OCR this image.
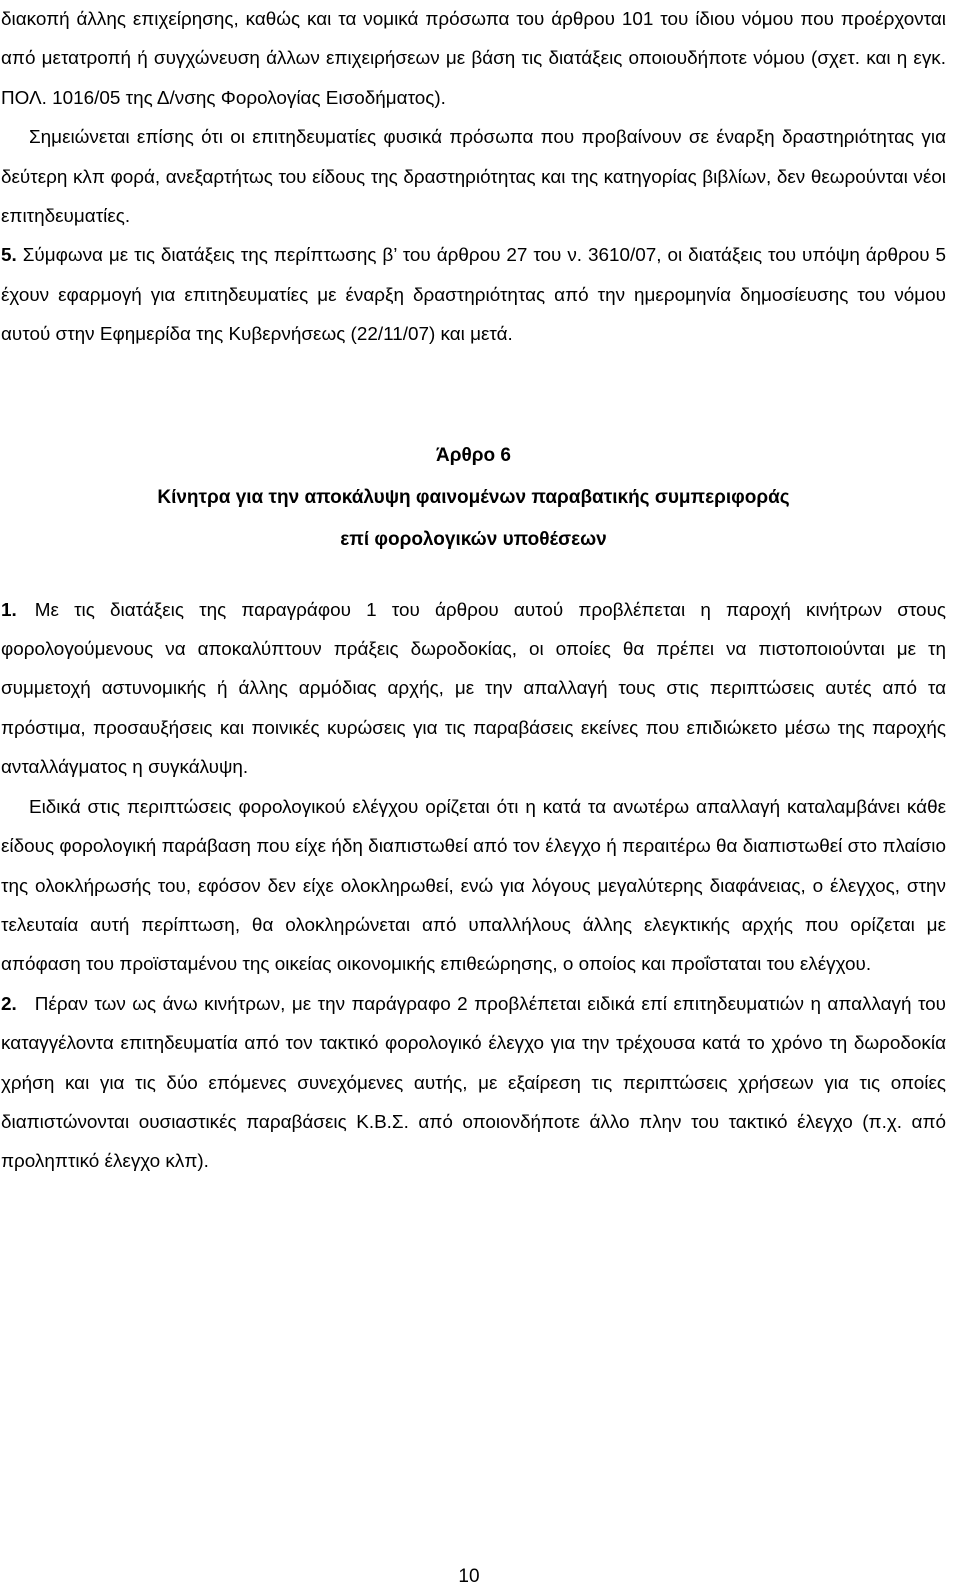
διακοπή άλλης επιχείρησης, καθώς και τα νομικά πρόσωπα του άρθρου 101 του ίδιου νόμου που προέρχονται από μετατροπή ή συγχώνευση άλλων επιχειρήσεων με βάση τις διατάξεις οποιουδήποτε νόμου (σχετ. και η εγκ. ΠΟΛ. 1016/05 της Δ/νσης Φορολογίας Εισοδήματος).

Σημειώνεται επίσης ότι οι επιτηδευματίες φυσικά πρόσωπα που προβαίνουν σε έναρξη δραστηριότητας για δεύτερη κλπ φορά, ανεξαρτήτως του είδους της δραστηριότητας και της κατηγορίας βιβλίων, δεν θεωρούνται νέοι επιτηδευματίες.

5. Σύμφωνα με τις διατάξεις της περίπτωσης β’ του άρθρου 27 του ν. 3610/07, οι διατάξεις του υπόψη άρθρου 5 έχουν εφαρμογή για επιτηδευματίες με έναρξη δραστηριότητας από την ημερομηνία δημοσίευσης του νόμου αυτού στην Εφημερίδα της Κυβερνήσεως (22/11/07) και μετά.

Άρθρο 6

Κίνητρα για την αποκάλυψη φαινομένων παραβατικής συμπεριφοράς

επί φορολογικών υποθέσεων

1. Με τις διατάξεις της παραγράφου 1 του άρθρου αυτού προβλέπεται η παροχή κινήτρων στους φορολογούμενους να αποκαλύπτουν πράξεις δωροδοκίας, οι οποίες θα πρέπει να πιστοποιούνται με τη συμμετοχή αστυνομικής ή άλλης αρμόδιας αρχής, με την απαλλαγή τους στις περιπτώσεις αυτές από τα πρόστιμα, προσαυξήσεις και ποινικές κυρώσεις για τις παραβάσεις εκείνες που επιδιώκετο μέσω της παροχής ανταλλάγματος η συγκάλυψη.

Ειδικά στις περιπτώσεις φορολογικού ελέγχου ορίζεται ότι η κατά τα ανωτέρω απαλλαγή καταλαμβάνει κάθε είδους φορολογική παράβαση που είχε ήδη διαπιστωθεί από τον έλεγχο ή περαιτέρω θα διαπιστωθεί στο πλαίσιο της ολοκλήρωσής του, εφόσον δεν είχε ολοκληρωθεί, ενώ για λόγους μεγαλύτερης διαφάνειας, ο έλεγχος, στην τελευταία αυτή περίπτωση, θα ολοκληρώνεται από υπαλλήλους άλλης ελεγκτικής αρχής που ορίζεται με απόφαση του προϊσταμένου της οικείας οικονομικής επιθεώρησης, ο οποίος και προΐσταται του ελέγχου.

2. Πέραν των ως άνω κινήτρων, με την παράγραφο 2 προβλέπεται ειδικά επί επιτηδευματιών η απαλλαγή του καταγγέλοντα επιτηδευματία από τον τακτικό φορολογικό έλεγχο για την τρέχουσα κατά το χρόνο τη δωροδοκία χρήση και για τις δύο επόμενες συνεχόμενες αυτής, με εξαίρεση τις περιπτώσεις χρήσεων για τις οποίες διαπιστώνονται ουσιαστικές παραβάσεις Κ.Β.Σ. από οποιονδήποτε άλλο πλην του τακτικό έλεγχο (π.χ. από προληπτικό έλεγχο κλπ).

10
